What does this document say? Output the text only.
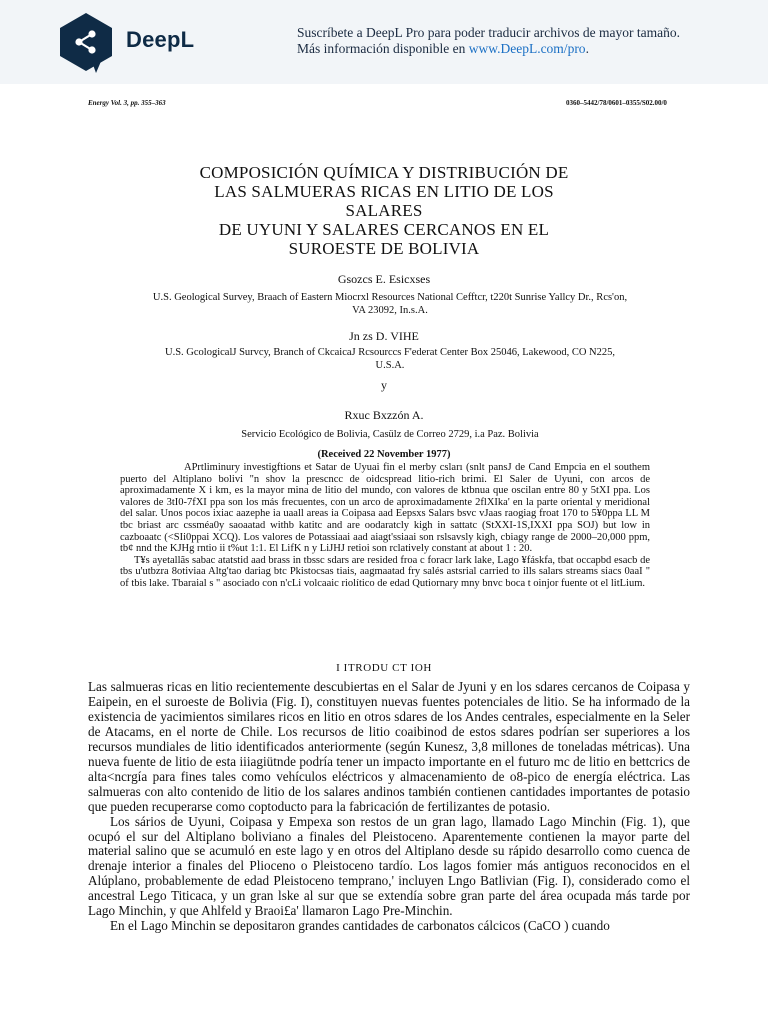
DeepL	Suscríbete a DeepL Pro para poder traducir archivos de mayor tamaño.
Más información disponible en www.DeepL.com/pro.
Energy Vol. 3, pp. 355–363	0360–5442/78/0601–0355/S02.00/0
COMPOSICIÓN QUÍMICA Y DISTRIBUCIÓN DE
LAS SALMUERAS RICAS EN LITIO DE LOS
SALARES
DE UYUNI Y SALARES CERCANOS EN EL
SUROESTE DE BOLIVIA
Gsozcs E. Esicxses
U.S. Geological Survey, Braach of Eastern Miocrxl Resources National Cefftcr, t220t Sunrise Yallcy Dr., Rcs'on,
VA 23092, In.s.A.
Jn zs D. VIHE
U.S. GcologicalJ Survcy, Branch of CkcaicaJ Rcsourccs F'ederat Center Box 25046, Lakewood, CO N225,
U.S.A.
y
Rxuc Bxzzón A.
Servicio Ecológico de Bolivia, Casülz de Correo 2729, i.a Paz. Bolivia
(Received 22 November 1977)

APrtliminury investigftions et Satar de Uyuai fin el merby csları (snlt pansJ de Cand Empcia en el southem puerto del Altiplano bolivi "n shov la prescncc de oidcspread litio-rich brimi. El Saler de Uyuni, con arcos de aproximadamente X i km, es la mayor mina de litio del mundo, con valores de ktbnua que oscilan entre 80 y 5tXI ppa. Los valores de 3tI0-7fXI ppa son los más frecuentes, con un arco de aproximadamente 2flXIka' en la parte oriental y meridional del salar. Unos pocos ixiac aazephe ia uaall areas ia Coipasa aad Eepsxs Salars bsvc vJaas raogiag froat 170 to 5¥0ppa LL M tbc briast arc cssméa0y saoaatad withb katitc and are oodaratcly kigh in sattatc (StXXI-1S,IXXI ppa SOJ) but low in cazboaatc (<SIi0ppai XCQ). Los valores de Potassiaai aad aiagt'ssiaai son rslsavsly kigh, cbiagy range de 2000–20,000 ppm, tb¢ nnd the KJHg rntio ii t%ut 1:1. El LifK n y LiJHJ retioi son rclatively constant at about 1 : 20.

T¥s ayetallãs sabac atatstid aad brass in tbssc sdars are resided froa c foracr lark lake, Lago ¥fáskfa, tbat occapbd esacb de tbs u'utbzra 8otiviaa Altg'tao dariag btc Pkistocsas tiais, aagmaatad fry salés astsrial carried to ills salars streams siacs 0aaI " of tbis lake. Tbaraial s " asociado con n'cLi volcaaic riolítico de edad Qutiornary mny bnvc boca t oinjor fuente ot el litLium.

I ITRODU CT IOH

Las salmueras ricas en litio recientemente descubiertas en el Salar de Jyuni y en los sdares cercanos de Coipasa y Eaipein, en el suroeste de Bolivia (Fig. I), constituyen nuevas fuentes potenciales de litio. Se ha informado de la existencia de yacimientos similares ricos en litio en otros sdares de los Andes centrales, especialmente en la Seler de Atacams, en el norte de Chile. Los recursos de litio coaibinod de estos sdares podrían ser superiores a los recursos mundiales de litio identificados anteriormente (según Kunesz, 3,8 millones de toneladas métricas). Una nueva fuente de litio de esta iiiagiütnde podría tener un impacto importante en el futuro mc de litio en bettcrics de alta<ncrgía para fines tales como vehículos eléctricos y almacenamiento de o8-pico de energía eléctrica. Las salmueras con alto contenido de litio de los salares andinos también contienen cantidades importantes de potasio que pueden recuperarse como coptoducto para la fabricación de fertilizantes de potasio.

Los sários de Uyuni, Coipasa y Empexa son restos de un gran lago, llamado Lago Minchin (Fig. 1), que ocupó el sur del Altiplano boliviano a finales del Pleistoceno. Aparentemente contienen la mayor parte del material salino que se acumuló en este lago y en otros del Altiplano desde su rápido desarrollo como cuenca de drenaje interior a finales del Plioceno o Pleistoceno tardío. Los lagos fomier más antiguos reconocidos en el Alúplano, probablemente de edad Pleistoceno temprano,' incluyen Lngo Batlivian (Fig. I), considerado como el ancestral Lego Titicaca, y un gran lske al sur que se extendía sobre gran parte del área ocupada más tarde por Lago Minchin, y que Ahlfeld y Braoi£a' llamaron Lago Pre-Minchin.

En el Lago Minchin se depositaron grandes cantidades de carbonatos cálcicos (CaCO ) cuando
